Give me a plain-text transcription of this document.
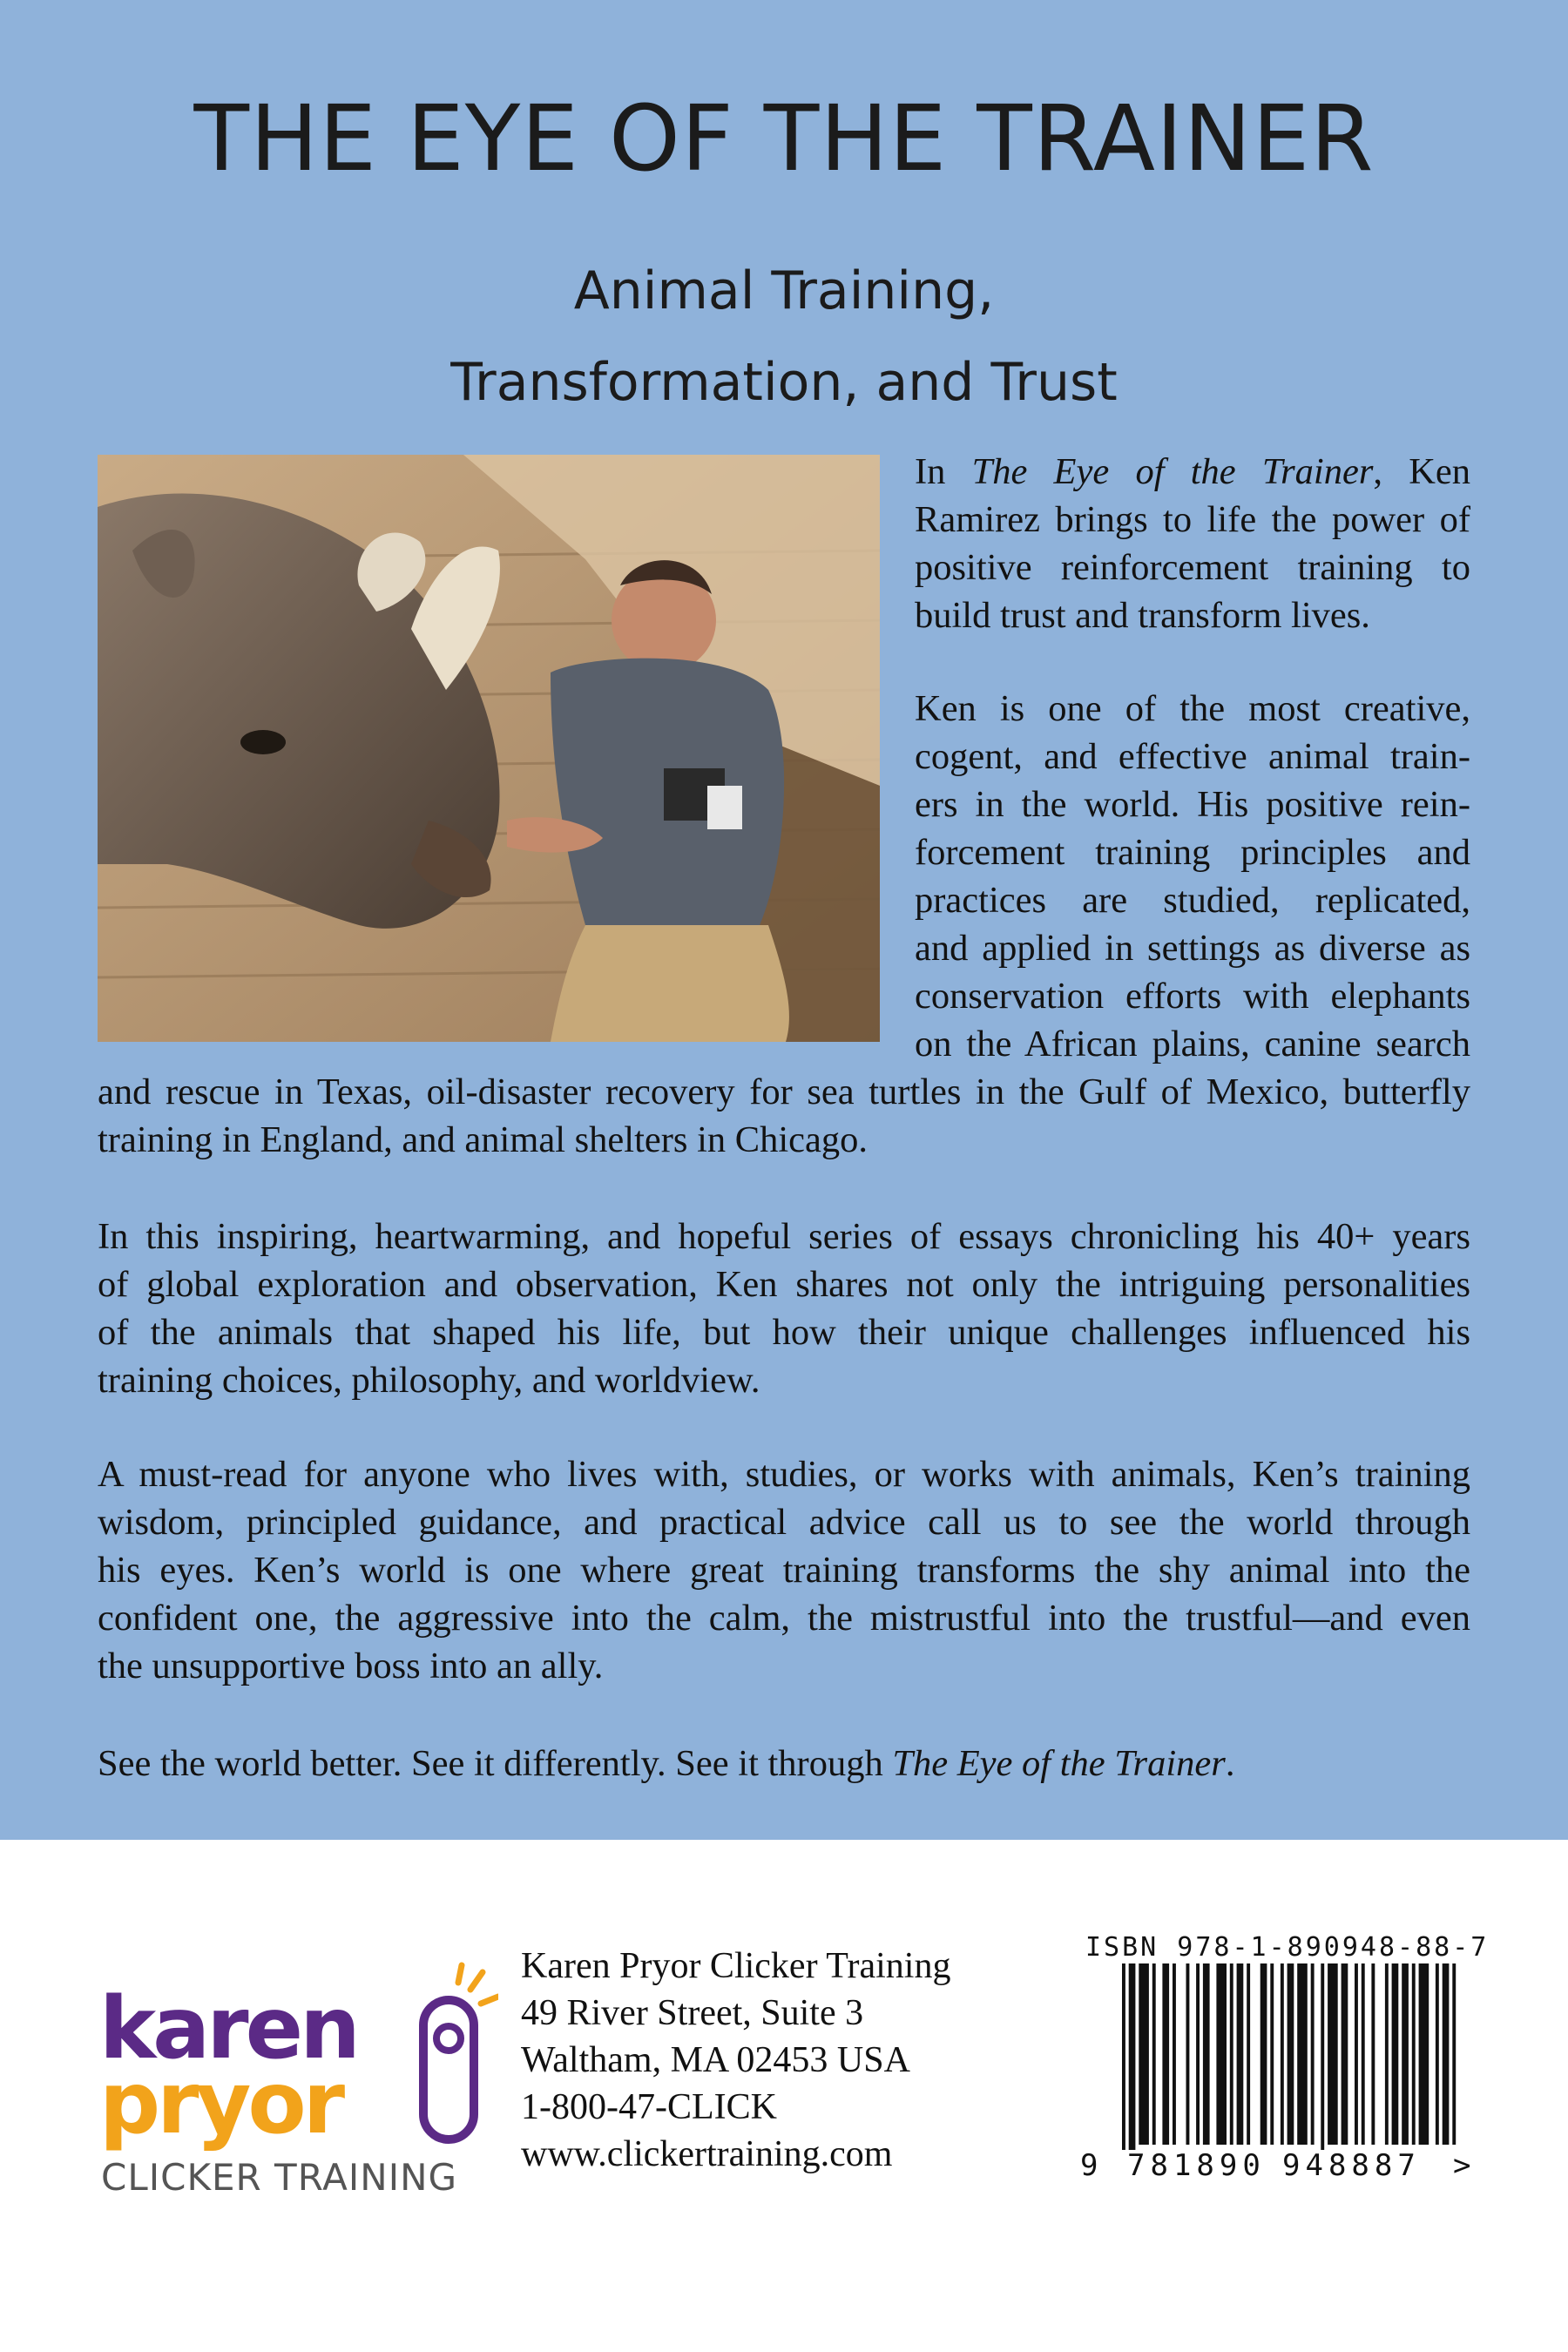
THE EYE OF THE TRAINER
Animal Training,
Transformation, and Trust
In The Eye of the Trainer, Ken
Ramirez brings to life the power of
positive reinforcement training to
build trust and transform lives.
Ken is one of the most creative,
cogent, and effective animal train-
ers in the world. His positive rein-
forcement training principles and
practices are studied, replicated,
and applied in settings as diverse as
conservation efforts with elephants
on the African plains, canine search
and rescue in Texas, oil-disaster recovery for sea turtles in the Gulf of Mexico, butterfly
training in England, and animal shelters in Chicago.
In this inspiring, heartwarming, and hopeful series of essays chronicling his 40+ years
of global exploration and observation, Ken shares not only the intriguing personalities
of the animals that shaped his life, but how their unique challenges influenced his
training choices, philosophy, and worldview.
A must-read for anyone who lives with, studies, or works with animals, Ken’s training
wisdom, principled guidance, and practical advice call us to see the world through
his eyes. Ken’s world is one where great training transforms the shy animal into the
confident one, the aggressive into the calm, the mistrustful into the trustful—and even
the unsupportive boss into an ally.
See the world better. See it differently. See it through The Eye of the Trainer.
karen
pryor
CLICKER TRAINING
Karen Pryor Clicker Training
49 River Street, Suite 3
Waltham, MA 02453 USA
1-800-47-CLICK
www.clickertraining.com
ISBN 978-1-890948-88-7
9 781890 948887 >
